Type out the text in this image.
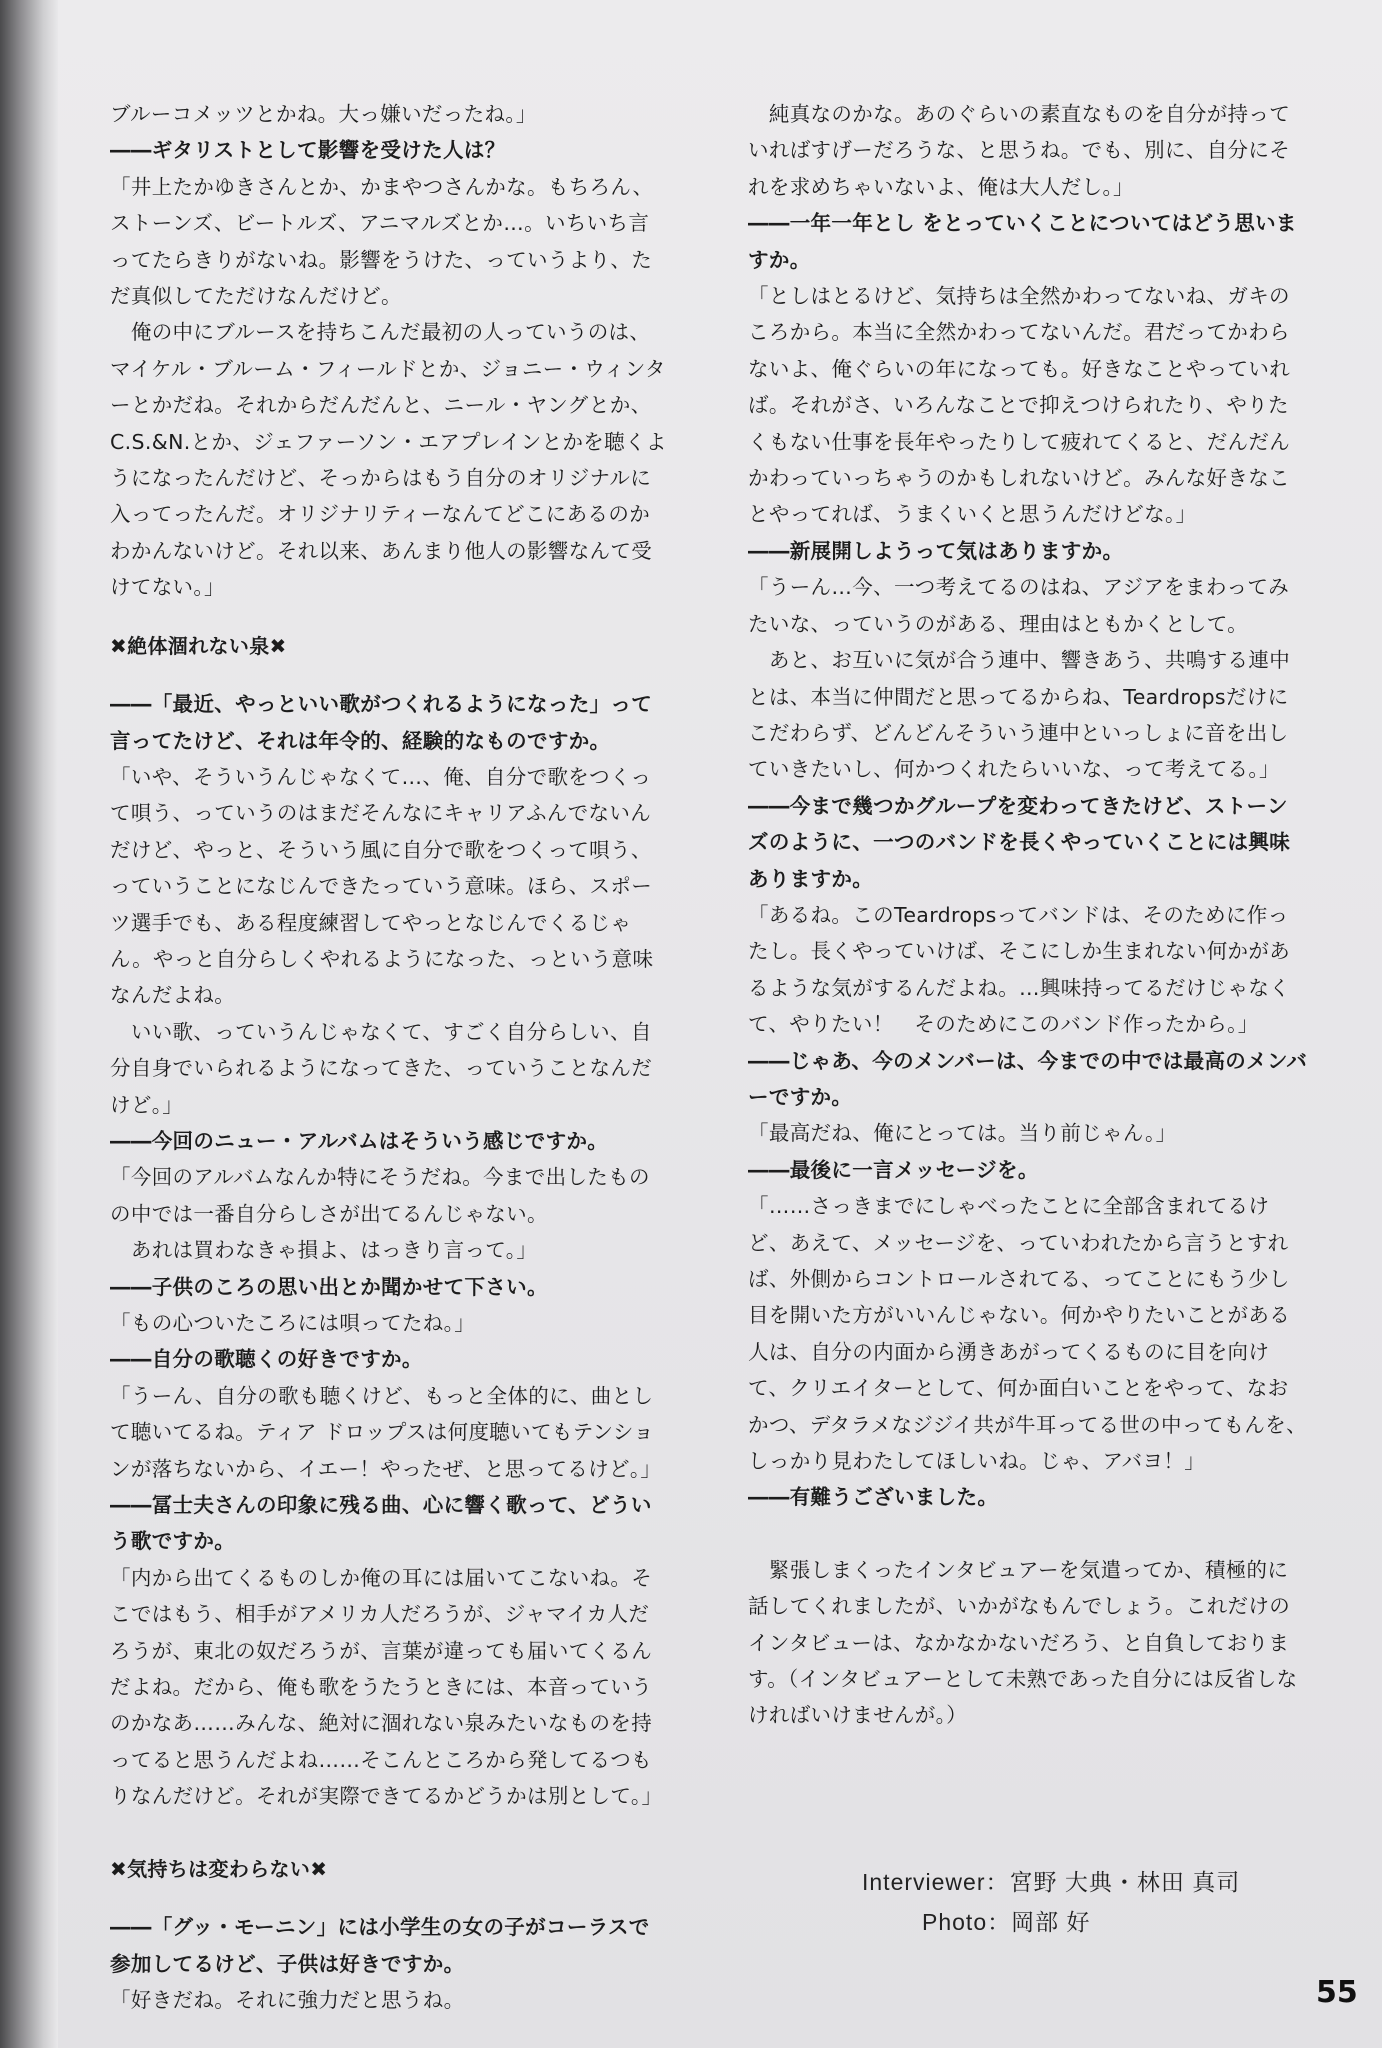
ブルーコメッツとかね。大っ嫌いだったね。」

――ギタリストとして影響を受けた人は？

「井上たかゆきさんとか、かまやつさんかな。もちろん、ストーンズ、ビートルズ、アニマルズとか…。いちいち言ってたらきりがないね。影響をうけた、っていうより、ただ真似してただけなんだけど。
　俺の中にブルースを持ちこんだ最初の人っていうのは、マイケル・ブルーム・フィールドとか、ジョニー・ウィンターとかだね。それからだんだんと、ニール・ヤングとか、C.S.&N.とか、ジェファーソン・エアプレインとかを聴くようになったんだけど、そっからはもう自分のオリジナルに入ってったんだ。オリジナリティーなんてどこにあるのかわかんないけど。それ以来、あんまり他人の影響なんて受けてない。」

✖絶体涸れない泉✖

――「最近、やっといい歌がつくれるようになった」って言ってたけど、それは年令的、経験的なものですか。

「いや、そういうんじゃなくて…、俺、自分で歌をつくって唄う、っていうのはまだそんなにキャリアふんでないんだけど、やっと、そういう風に自分で歌をつくって唄う、っていうことになじんできたっていう意味。ほら、スポーツ選手でも、ある程度練習してやっとなじんでくるじゃん。やっと自分らしくやれるようになった、っという意味なんだよね。
　いい歌、っていうんじゃなくて、すごく自分らしい、自分自身でいられるようになってきた、っていうことなんだけど。」

――今回のニュー・アルバムはそういう感じですか。

「今回のアルバムなんか特にそうだね。今まで出したものの中では一番自分らしさが出てるんじゃない。
　あれは買わなきゃ損よ、はっきり言って。」

――子供のころの思い出とか聞かせて下さい。

「もの心ついたころには唄ってたね。」

――自分の歌聴くの好きですか。

「うーん、自分の歌も聴くけど、もっと全体的に、曲として聴いてるね。ティア ドロップスは何度聴いてもテンションが落ちないから、イエー！やったぜ、と思ってるけど。」

――冨士夫さんの印象に残る曲、心に響く歌って、どういう歌ですか。

「内から出てくるものしか俺の耳には届いてこないね。そこではもう、相手がアメリカ人だろうが、ジャマイカ人だろうが、東北の奴だろうが、言葉が違っても届いてくるんだよね。だから、俺も歌をうたうときには、本音っていうのかなあ……みんな、絶対に涸れない泉みたいなものを持ってると思うんだよね……そこんところから発してるつもりなんだけど。それが実際できてるかどうかは別として。」

✖気持ちは変わらない✖

――「グッ・モーニン」には小学生の女の子がコーラスで参加してるけど、子供は好きですか。

「好きだね。それに強力だと思うね。

　純真なのかな。あのぐらいの素直なものを自分が持っていればすげーだろうな、と思うね。でも、別に、自分にそれを求めちゃいないよ、俺は大人だし。」

――一年一年とし をとっていくことについてはどう思いますか。

「としはとるけど、気持ちは全然かわってないね、ガキのころから。本当に全然かわってないんだ。君だってかわらないよ、俺ぐらいの年になっても。好きなことやっていれば。それがさ、いろんなことで抑えつけられたり、やりたくもない仕事を長年やったりして疲れてくると、だんだんかわっていっちゃうのかもしれないけど。みんな好きなことやってれば、うまくいくと思うんだけどな。」

――新展開しようって気はありますか。

「うーん…今、一つ考えてるのはね、アジアをまわってみたいな、っていうのがある、理由はともかくとして。
　あと、お互いに気が合う連中、響きあう、共鳴する連中とは、本当に仲間だと思ってるからね、Teardropsだけにこだわらず、どんどんそういう連中といっしょに音を出していきたいし、何かつくれたらいいな、って考えてる。」

――今まで幾つかグループを変わってきたけど、ストーンズのように、一つのバンドを長くやっていくことには興味ありますか。

「あるね。このTeardropsってバンドは、そのために作ったし。長くやっていけば、そこにしか生まれない何かがあるような気がするんだよね。…興味持ってるだけじゃなくて、やりたい！　そのためにこのバンド作ったから。」

――じゃあ、今のメンバーは、今までの中では最高のメンバーですか。

「最高だね、俺にとっては。当り前じゃん。」

――最後に一言メッセージを。

「……さっきまでにしゃべったことに全部含まれてるけど、あえて、メッセージを、っていわれたから言うとすれば、外側からコントロールされてる、ってことにもう少し目を開いた方がいいんじゃない。何かやりたいことがある人は、自分の内面から湧きあがってくるものに目を向けて、クリエイターとして、何か面白いことをやって、なおかつ、デタラメなジジイ共が牛耳ってる世の中ってもんを、しっかり見わたしてほしいね。じゃ、アバヨ！」

――有難うございました。

　緊張しまくったインタビュアーを気遣ってか、積極的に話してくれましたが、いかがなもんでしょう。これだけのインタビューは、なかなかないだろう、と自負しております。（インタビュアーとして未熟であった自分には反省しなければいけませんが。）

Interviewer：宮野 大典・林田 真司
Photo：岡部 好
55
